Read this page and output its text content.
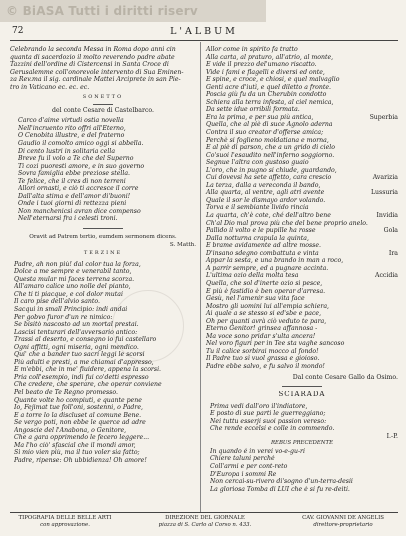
© BiASA Tutti i diritti riserv
72	L'ALBUM

Celebrando la seconda Messa in Roma dopo anni cin

quanta di sacerdozio il molto reverendo padre abate

Tazzini dell'ordine di Cistercensi in Santa Croce di

Gerusalemme coll'onorevole intervento di Sua Eminen-

za Rev.ma il sig. cardinale Mattei Arciprete in san Pie-

tro in Vaticano ec. ec. ec.

SONETTO

del conte Cesare di Castelbarco.

Carco d'aime virtudi ostia novella

Nell'incruento rito offri all'Eterno,

O Cenobita illustre, e del fraterno

Gaudio il comolto amico oggi si abbella.

Di cento lustri in solitaria cella

Breve fu il volo a Te che del Superno

Ti cozi puoresti amore, e in suo governo

Sovra famiglia ebbe preziose stella.

Te felice, che il cres di non terreni

Allori ornasti, e ciò ti accresce il corre

Dall'alta stima e dell'amor di'buoni!

Onde i tuoi giorni di rettezza pieni

Non manchenicsi avran dice compenso

Nell'eternarsi fra i celesti troni.

Oravit ad Patrem tertio, eumdem sermonem dicens.

S. Matth.

TERZINE

Padre, ah non più! dal color tua la forza,

Dolce a me sempre e venerabil tanto,

Questa mular mi faces terrena scorza.

All'amaro calice uno nolle del pianto,

Che ti ti piacque, e col dolor mutai

Il caro pise dell'alvio santo.

Sacqui in small Principio: indi andai

Per gobvo furor d'un re nimico:

Se bisitò nascosto ad un mortal prestai.

Lascisi tenturari dell'avversario antico:

Trassi al deserto, e consegno io fui castellaro

Ogni affitti, ogni miseria, ogni mendico.

Qui' che a bander tuo sacri leggi le scorsi

Più adulti e presti, a me chiamai d'appresso,

E m'ebbi, che in me' fiuidere, appena la scorsi.

Pria coll'esempio, indi fui co'detti espresso

Che credere, che sperare, che operar conviene

Pel beato de Te Regno promesso.

Quante volte ho compiuti, e quante pene

Io, Fejimat tue foll'oni, sostenni, o Padre,

E a torre lo la discluset al comune Bene.

Se vergo poti, non ebbe le querce ad adre

Angoscie del l'Anabona, o Genitore,

Che a gara opprimendo le fecero leggere...

Ma l'ho ciò' sfascial che il mondi amor,

Sì mio vien più, ma il tuo voler sia fatto;

Padre, ripense: Oh ubbidienza! Oh amore!

Allor come in spirito fa tratto

Alla carta, al praturo, all'atrio, al monte,

E vide il prezzo del'umano riscatto.

Vide i fami e flagelli e diversi ed onte,

E spine, e croce, e chiosi, e quel malvaglio

Genti acre d'iutì, e quel diletto a fronte.

Poscia giù fu da un Cherubin condotto

Schiera alla terra infesta, al ciel nemica,

Da sette idue orribili formata.

Era la prima, e per sua più antica,	Superbia

Quella, che al piè di suce Agnolo aderna

Contra il suo creator d'offerse amica;

Perchè si foglieno moldatiana e morna,

E al piè di parson, che a un grido di cielo

Co'suoi l'esaudito nell'inferno soggiorno.

Segnue l'altra con gustoso guaio

L'oro, che in pugno si chiude, guardando,

Cui dovevsi ha sete affetto, cara crescio	Avarizia

La terza, dalla a vereconda il bando,

Alla quarta, al ventre, agli atri avente	Lussuria

Quale il sor le dismayo ardor volando.

Torva e il sembiante livido rincia

La quarta, ch'è cote, ché dell'altro bene	Invidia

Ch'al Dio mal prova più che del bene proprio anelo.

Pallido il volto e le pupille ha rosse	Gola

Dalla notturna crapula la quinta,

E brame avidamente ad altre mosse.

D'insano sdegno combattuta e vinta	Ira

Appar la sesta, e una brando in man a roco,

A parrir sempre, ed a pugnare accinta.

L'ultima ozio della molta tesa	Accidia

Quella, che sol d'inerte ozio si pesce,

E più è fastidio è ben operar d'arresa.

Gesù, nel l'amenir sua vita face

Mostro gli uomini lui all'empia schiera,

Ai quale a se stesso si ed'sbe e pace,

Oh per quanti avrà ciò veduto te para,

Eterno Genitor! grinsea affannosa -

Ma voce sono pridar s'ulta ancera!

Nel voro figuri per in Tee sta vaghe sancoso

Tu il calice sorbirai mocco al fondo!

Il Padre tuo sì vuol grassa e gioioso.

Padre ebbe salvo, e fu salvo il mondo!

Dal conte Cesare Gallo da Osimo.

SCIARADA

Prima vedi dall'oro il'indiatore,

È posto di sue parti le guerreggiano;

Nei tuttu esserji suoi passion vereso:

Che rende eccelsi e colle in commendo.

I.-P.

REBUS PRECEDENTE

In quando é in verei vo-e-gu-ri

Chiere taluni perché

Coll'armi e per cont-reto

D'Europa i sommi Re

Non cercai-su-rivero di'sogno d'un-terra-desii

La gloriosa Tomba di LUI che è si fu re-deiti.

TIPOGRAFIA DELLE BELLE ARTI
con approvazione.
DIREZIONE DEL GIORNALE
piazza di S. Carlo al Corso n. 433.
CAV. GIOVANNI DE ANGELIS
direttore-proprietario
